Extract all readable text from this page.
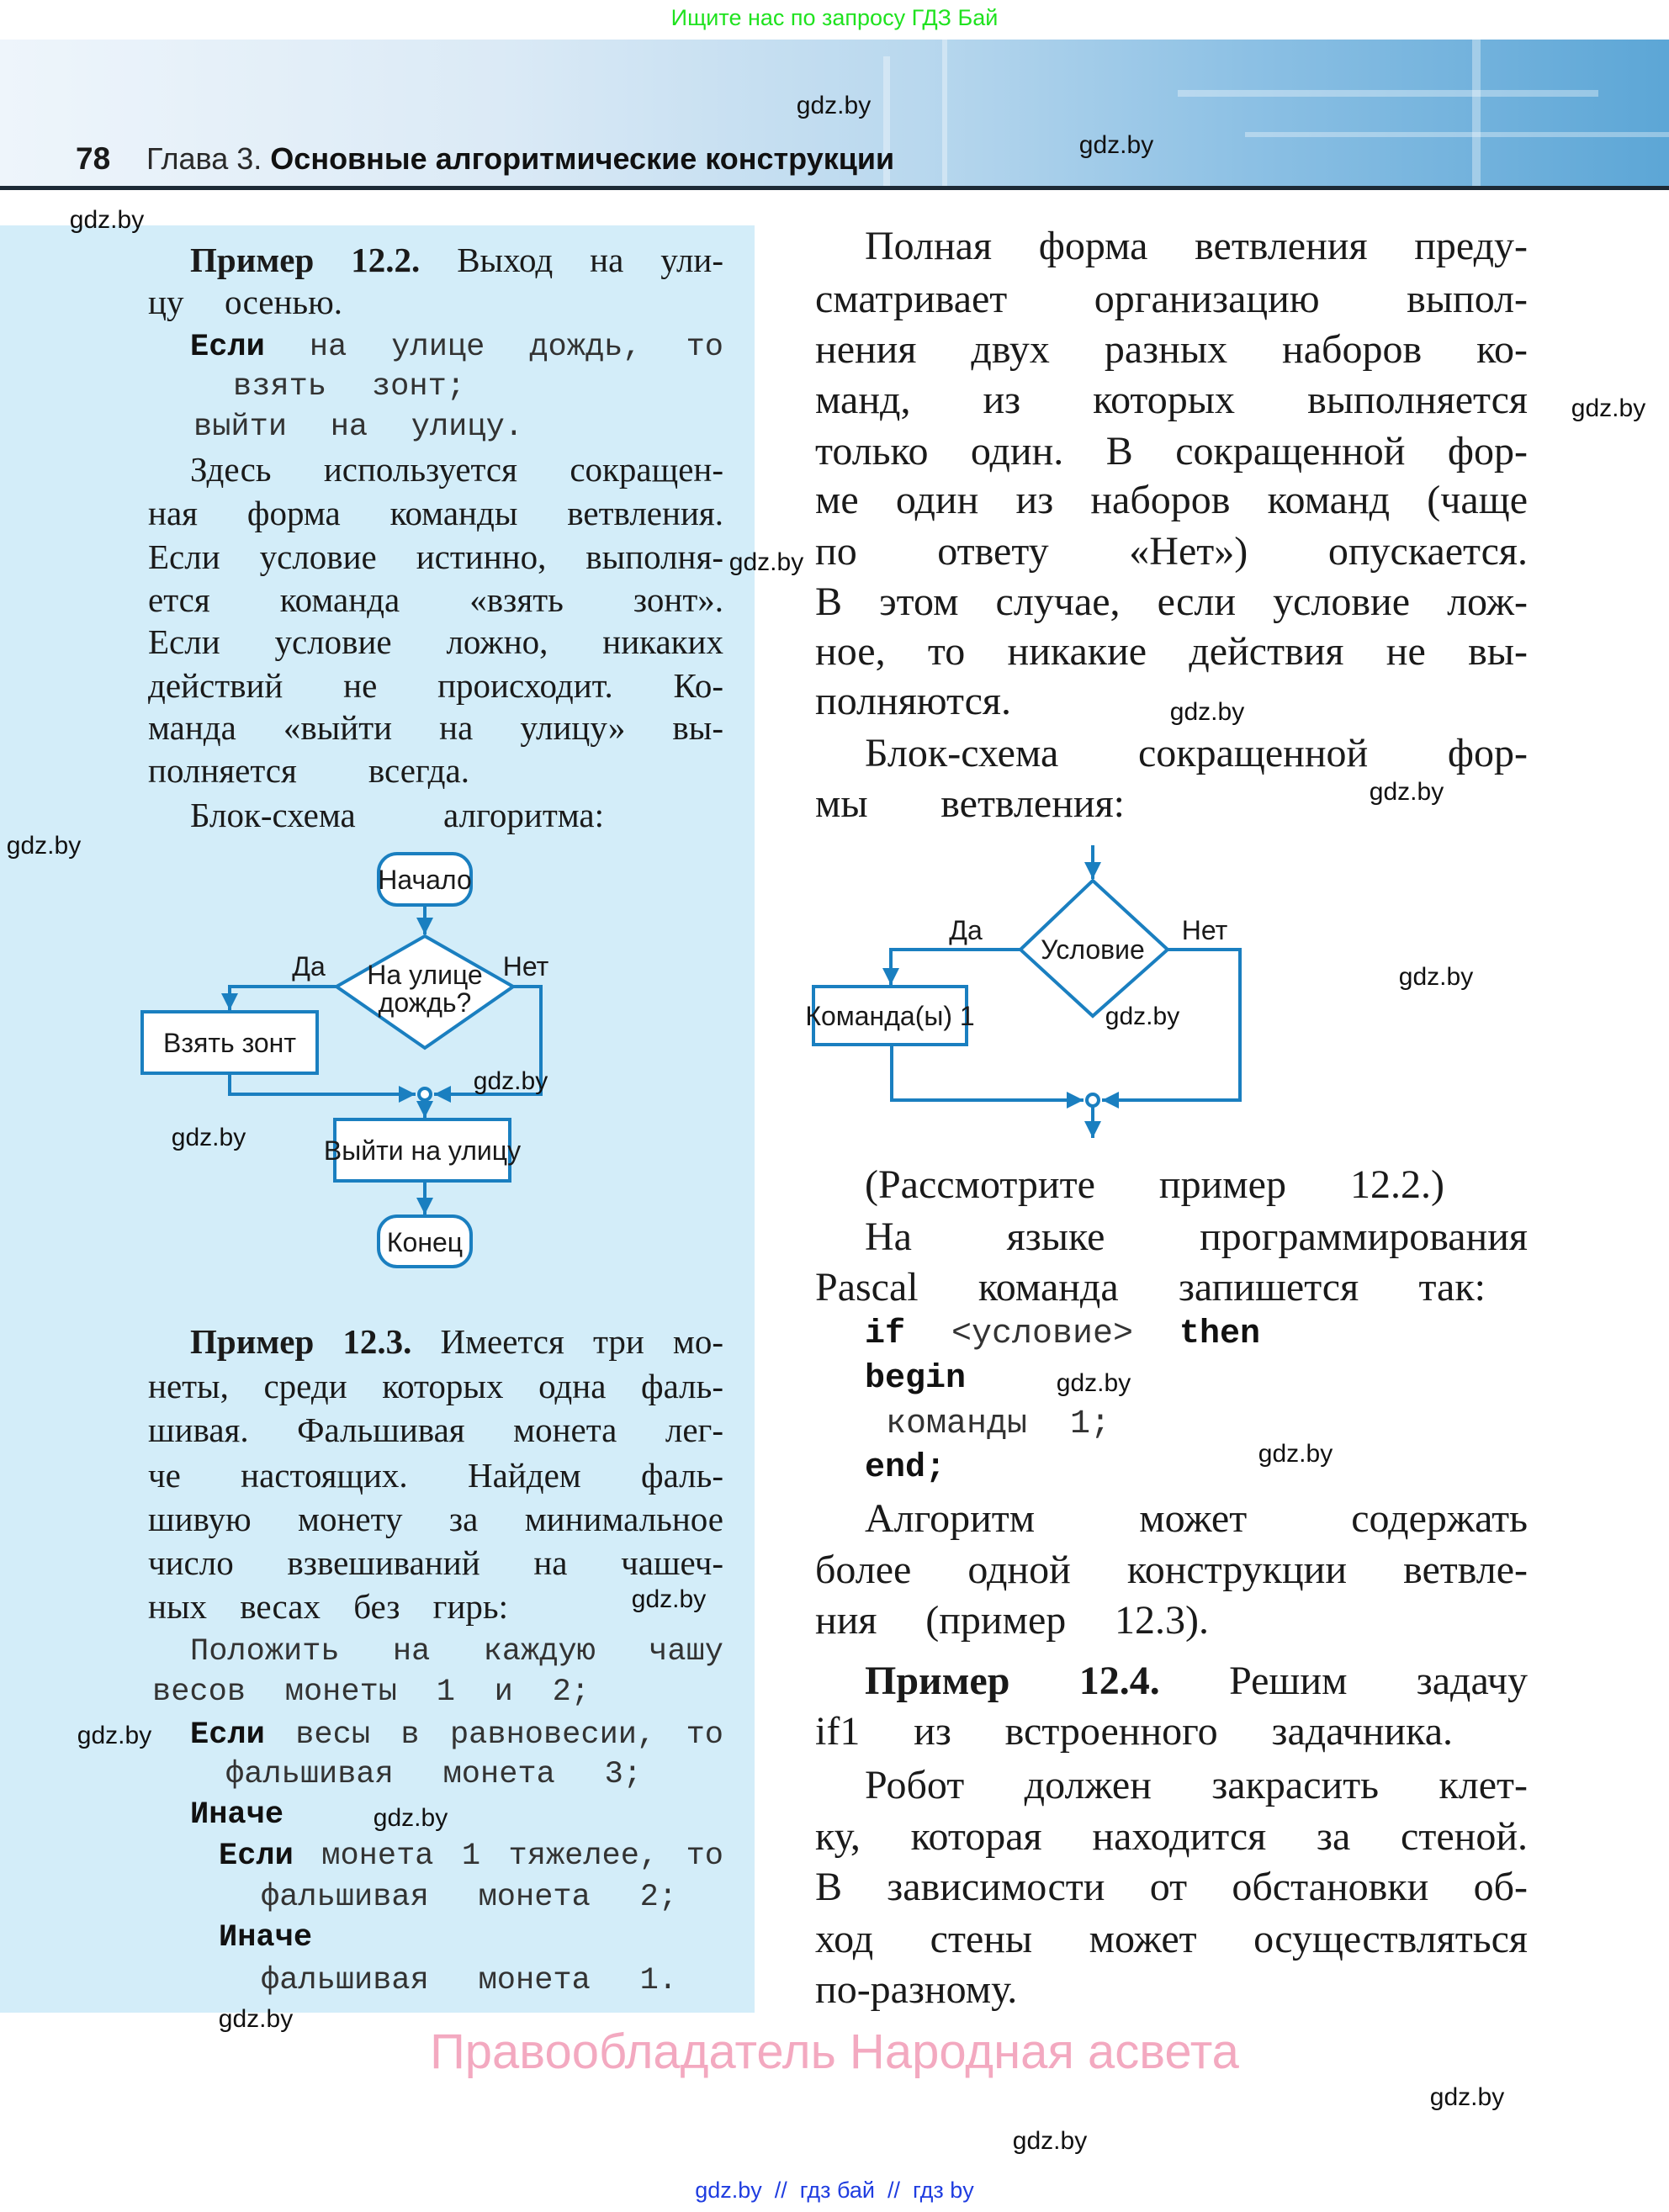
Ищите нас по запросу ГДЗ Бай
78 Глава 3. Основные алгоритмические конструкции
Пример 12.2. Выход на ули-
цу осенью.
Если на улице дождь, то
взять зонт;
выйти на улицу.
Здесь используется сокращен-
ная форма команды ветвления.
Если условие истинно, выполня-
ется команда «взять зонт».
Если условие ложно, никаких
действий не происходит. Ко-
манда «выйти на улицу» вы-
полняется всегда.
Блок-схема алгоритма:
Начало
На улице
дождь?
Да	Нет
Взять зонт
Выйти на улицу
Конец
Пример 12.3. Имеется три мо-
неты, среди которых одна фаль-
шивая. Фальшивая монета лег-
че настоящих. Найдем фаль-
шивую монету за минимальное
число взвешиваний на чашеч-
ных весах без гирь:
Положить на каждую чашу
весов монеты 1 и 2;
Если весы в равновесии, то
фальшивая монета 3;
Иначе
Если монета 1 тяжелее, то
фальшивая монета 2;
Иначе
фальшивая монета 1.
Полная форма ветвления преду-
сматривает организацию выпол-
нения двух разных наборов ко-
манд, из которых выполняется
только один. В сокращенной фор-
ме один из наборов команд (чаще
по ответу «Нет») опускается.
В этом случае, если условие лож-
ное, то никакие действия не вы-
полняются.
Блок-схема сокращенной фор-
мы ветвления:
Условие
Да	Нет
Команда(ы) 1
(Рассмотрите пример 12.2.)
На языке программирования
Pascal команда запишется так:
if <условие> then
begin
команды 1;
end;
Алгоритм может содержать
более одной конструкции ветвле-
ния (пример 12.3).
Пример 12.4. Решим задачу
if1 из встроенного задачника.
Робот должен закрасить клет-
ку, которая находится за стеной.
В зависимости от обстановки об-
ход стены может осуществляться
по-разному.
gdz.by
gdz.by
gdz.by
gdz.by
gdz.by
gdz.by
gdz.by
gdz.by
gdz.by
gdz.by
gdz.by
gdz.by
gdz.by
gdz.by
gdz.by
gdz.by
gdz.by
gdz.by
gdz.by
gdz.by
Правообладатель Народная асвета
gdz.by  //  гдз бай  //  гдз by
